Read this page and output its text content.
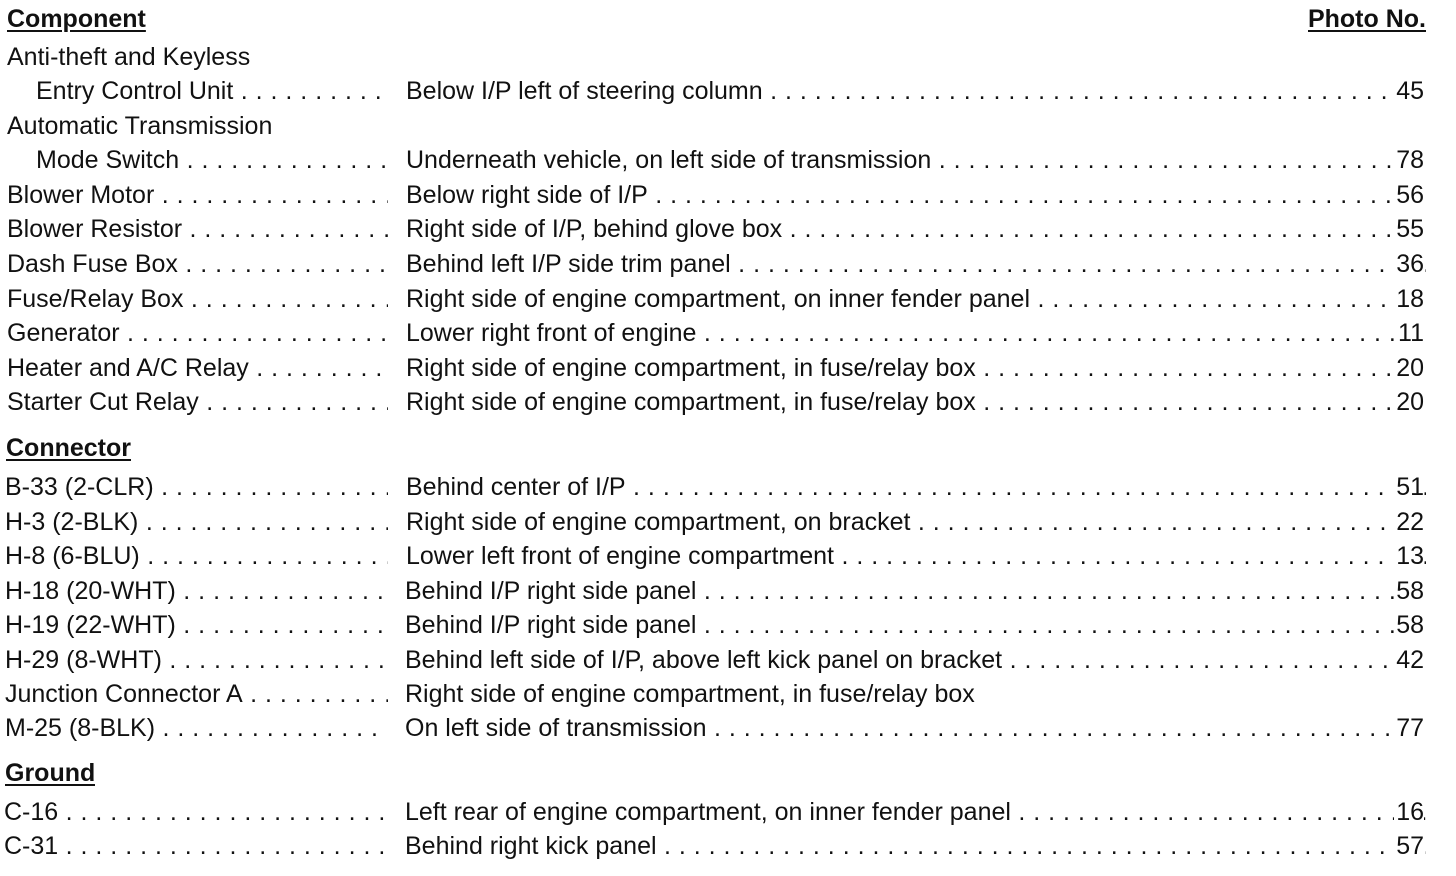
Component	Photo No.
Anti-theft and Keyless
Entry Control Unit . . .	Below I/P left of steering column . . .	45
Automatic Transmission
Mode Switch . . .	Underneath vehicle, on left side of transmission . . .	78
Blower Motor . . .	Below right side of I/P . . .	56
Blower Resistor . . .	Right side of I/P, behind glove box . . .	55
Dash Fuse Box . . .	Behind left I/P side trim panel . . .	36
Fuse/Relay Box . . .	Right side of engine compartment, on inner fender panel . . .	18
Generator . . .	Lower right front of engine . . .	11
Heater and A/C Relay . . .	Right side of engine compartment, in fuse/relay box . . .	20
Starter Cut Relay . . .	Right side of engine compartment, in fuse/relay box . . .	20
Connector
B-33 (2-CLR) . . .	Behind center of I/P . . .	51
H-3 (2-BLK) . . .	Right side of engine compartment, on bracket . . .	22
H-8 (6-BLU) . . .	Lower left front of engine compartment . . .	13
H-18 (20-WHT) . . .	Behind I/P right side panel . . .	58
H-19 (22-WHT) . . .	Behind I/P right side panel . . .	58
H-29 (8-WHT) . . .	Behind left side of I/P, above left kick panel on bracket . . .	42
Junction Connector A . . .	Right side of engine compartment, in fuse/relay box
M-25 (8-BLK) . . .	On left side of transmission . . .	77
Ground
C-16 . . .	Left rear of engine compartment, on inner fender panel . . .	16
C-31 . . .	Behind right kick panel . . .	57
